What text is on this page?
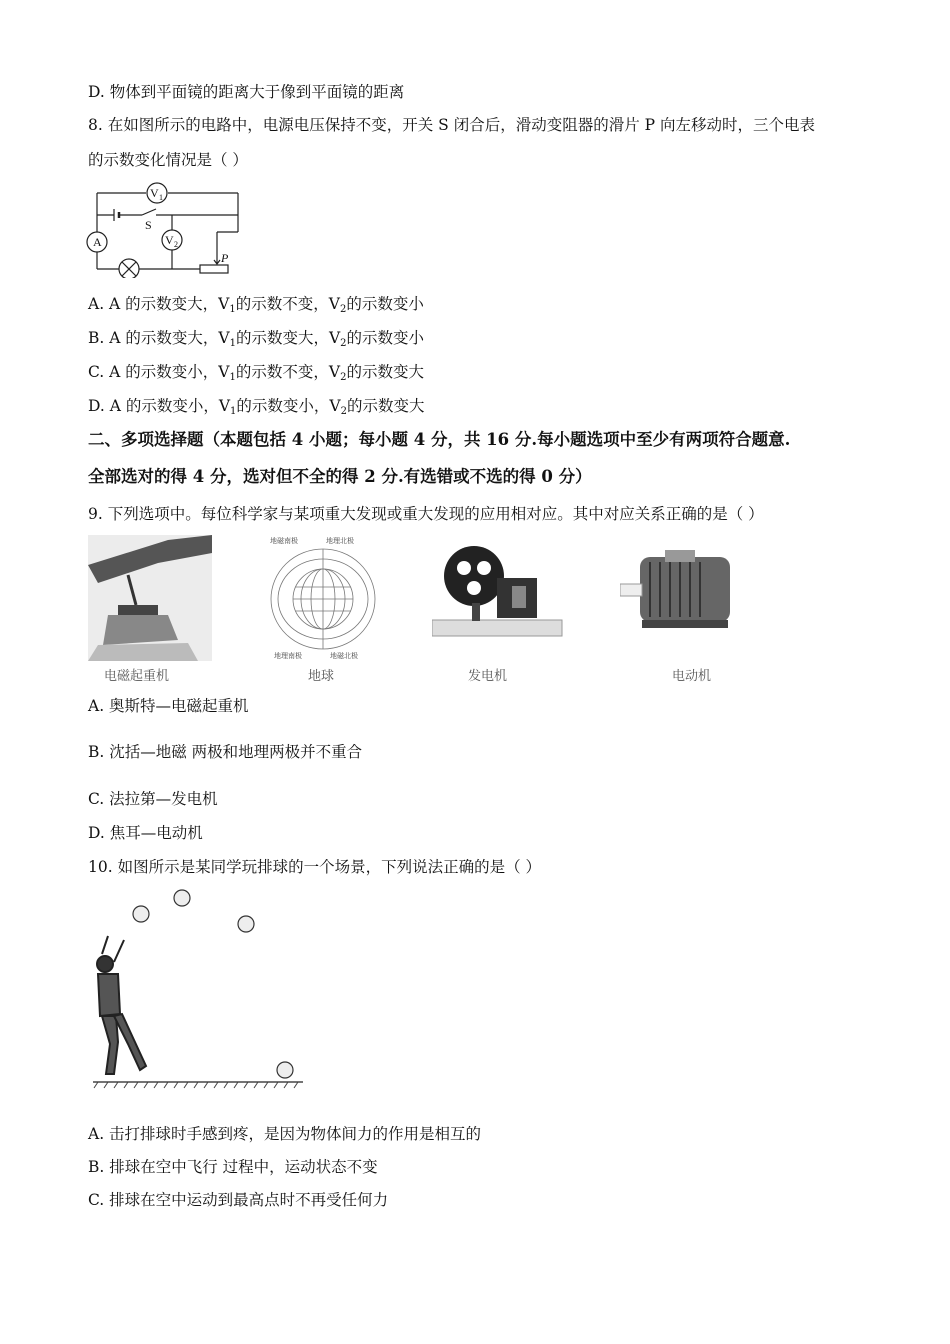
D. 物体到平面镜的距离大于像到平面镜的距离
8. 在如图所示的电路中，电源电压保持不变，开关 S 闭合后，滑动变阻器的滑片 P 向左移动时，三个电表
的示数变化情况是（ ）
V 1
A	V 2
S
P
A. A 的示数变大，$V_1$的示数不变，$V_2$的示数变小
B. A 的示数变大，$V_1$的示数变大，$V_2$的示数变小
C. A 的示数变小，$V_1$的示数不变，$V_2$的示数变大
D. A 的示数变小，$V_1$的示数变小，$V_2$的示数变大
二、多项选择题（本题包括 4 小题；每小题 4 分，共 16 分.每小题选项中至少有两项符合题意.
全部选对的得 4 分，选对但不全的得 2 分.有选错或不选的得 0 分）
9. 下列选项中。每位科学家与某项重大发现或重大发现的应用相对应。其中对应关系正确的是（ ）
电磁起重机
地磁南极	地理北极
地理南极	地磁北极
地球	发电机	电动机
A. 奥斯特—电磁起重机
B. 沈括—地磁 两极和地理两极并不重合
C. 法拉第—发电机
D. 焦耳—电动机
10. 如图所示是某同学玩排球的一个场景，下列说法正确的是（ ）
A. 击打排球时手感到疼，是因为物体间力的作用是相互的
B. 排球在空中飞行 过程中，运动状态不变
C. 排球在空中运动到最高点时不再受任何力
